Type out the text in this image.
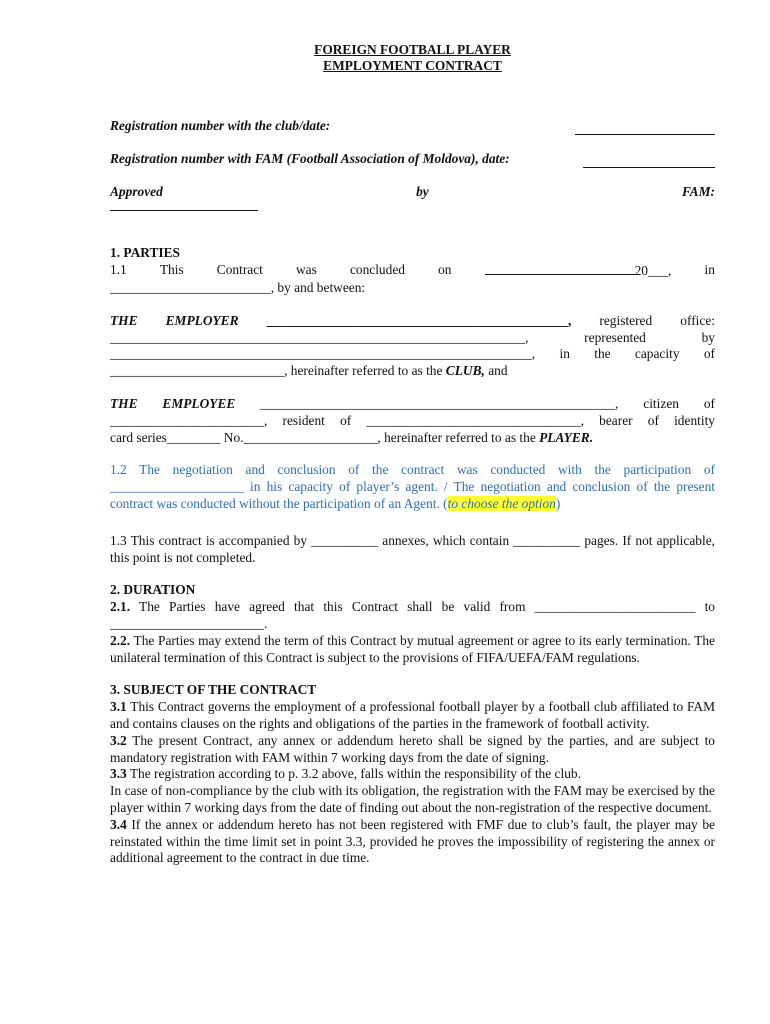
FOREIGN FOOTBALL PLAYER
EMPLOYMENT CONTRACT
Registration number with the club/date:
Registration number with FAM (Football Association of Moldova), date:
Approved	by	FAM:
1. PARTIES
1.1 This Contract was concluded on	20___, in

________________________, by and between:

THE EMPLOYER _____________________________________________, registered office:

______________________________________________________________, represented by

_______________________________________________________________, in the capacity of

__________________________, hereinafter referred to as the CLUB, and

THE EMPLOYEE _____________________________________________________, citizen of

_______________________, resident of ________________________________, bearer of identity

card series________ No.____________________, hereinafter referred to as the PLAYER.

1.2 The negotiation and conclusion of the contract was conducted with the participation of ____________________ in his capacity of player’s agent. / The negotiation and conclusion of the present contract was conducted without the participation of an Agent. (to choose the option)

1.3 This contract is accompanied by __________ annexes, which contain __________ pages. If not applicable, this point is not completed.

2. DURATION

2.1. The Parties have agreed that this Contract shall be valid from ________________________ to _______________________.

2.2. The Parties may extend the term of this Contract by mutual agreement or agree to its early termination. The unilateral termination of this Contract is subject to the provisions of FIFA/UEFA/FAM regulations.

3. SUBJECT OF THE CONTRACT

3.1 This Contract governs the employment of a professional football player by a football club affiliated to FAM and contains clauses on the rights and obligations of the parties in the framework of football activity.

3.2 The present Contract, any annex or addendum hereto shall be signed by the parties, and are subject to mandatory registration with FAM within 7 working days from the date of signing.

3.3 The registration according to p. 3.2 above, falls within the responsibility of the club.

In case of non-compliance by the club with its obligation, the registration with the FAM may be exercised by the player within 7 working days from the date of finding out about the non-registration of the respective document.

3.4 If the annex or addendum hereto has not been registered with FMF due to club’s fault, the player may be reinstated within the time limit set in point 3.3, provided he proves the impossibility of registering the annex or additional agreement to the contract in due time.
